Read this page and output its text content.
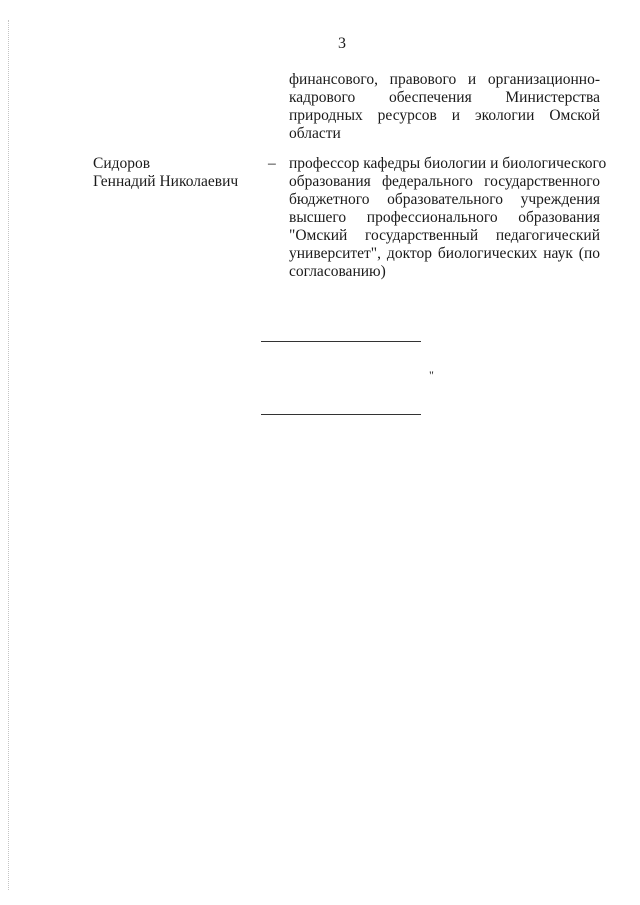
3
финансового, правового и организационно-
кадрового обеспечения Министерства
природных ресурсов и экологии Омской
области
Сидоров
Геннадий Николаевич
– профессор кафедры биологии и биологического
образования федерального государственного
бюджетного образовательного учреждения
высшего профессионального образования
"Омский государственный педагогический
университет", доктор биологических наук (по
согласованию)
"
